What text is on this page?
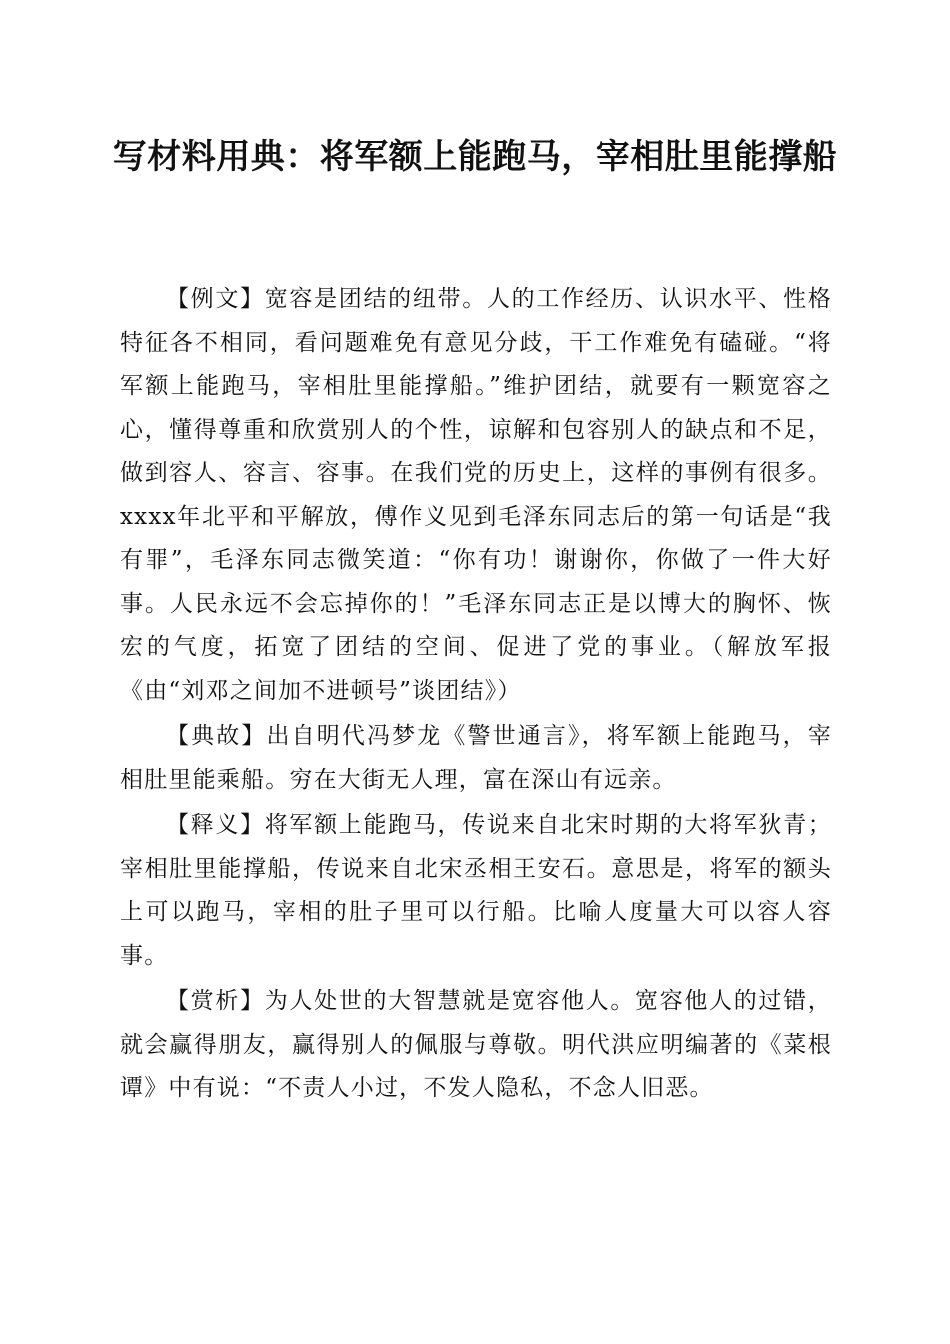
写材料用典：将军额上能跑马，宰相肚里能撑船

【例文】宽容是团结的纽带。人的工作经历、认识水平、性格特征各不相同，看问题难免有意见分歧，干工作难免有磕碰。“将军额上能跑马，宰相肚里能撑船。”维护团结，就要有一颗宽容之心，懂得尊重和欣赏别人的个性，谅解和包容别人的缺点和不足，做到容人、容言、容事。在我们党的历史上，这样的事例有很多。xxxx年北平和平解放，傅作义见到毛泽东同志后的第一句话是“我有罪”，毛泽东同志微笑道：“你有功！谢谢你，你做了一件大好事。人民永远不会忘掉你的！”毛泽东同志正是以博大的胸怀、恢宏的气度，拓宽了团结的空间、促进了党的事业。（解放军报《由“刘邓之间加不进顿号”谈团结》）

【典故】出自明代冯梦龙《警世通言》，将军额上能跑马，宰相肚里能乘船。穷在大街无人理，富在深山有远亲。

【释义】将军额上能跑马，传说来自北宋时期的大将军狄青；宰相肚里能撑船，传说来自北宋丞相王安石。意思是，将军的额头上可以跑马，宰相的肚子里可以行船。比喻人度量大可以容人容事。

【赏析】为人处世的大智慧就是宽容他人。宽容他人的过错，就会赢得朋友，赢得别人的佩服与尊敬。明代洪应明编著的《菜根谭》中有说：“不责人小过，不发人隐私，不念人旧恶。
